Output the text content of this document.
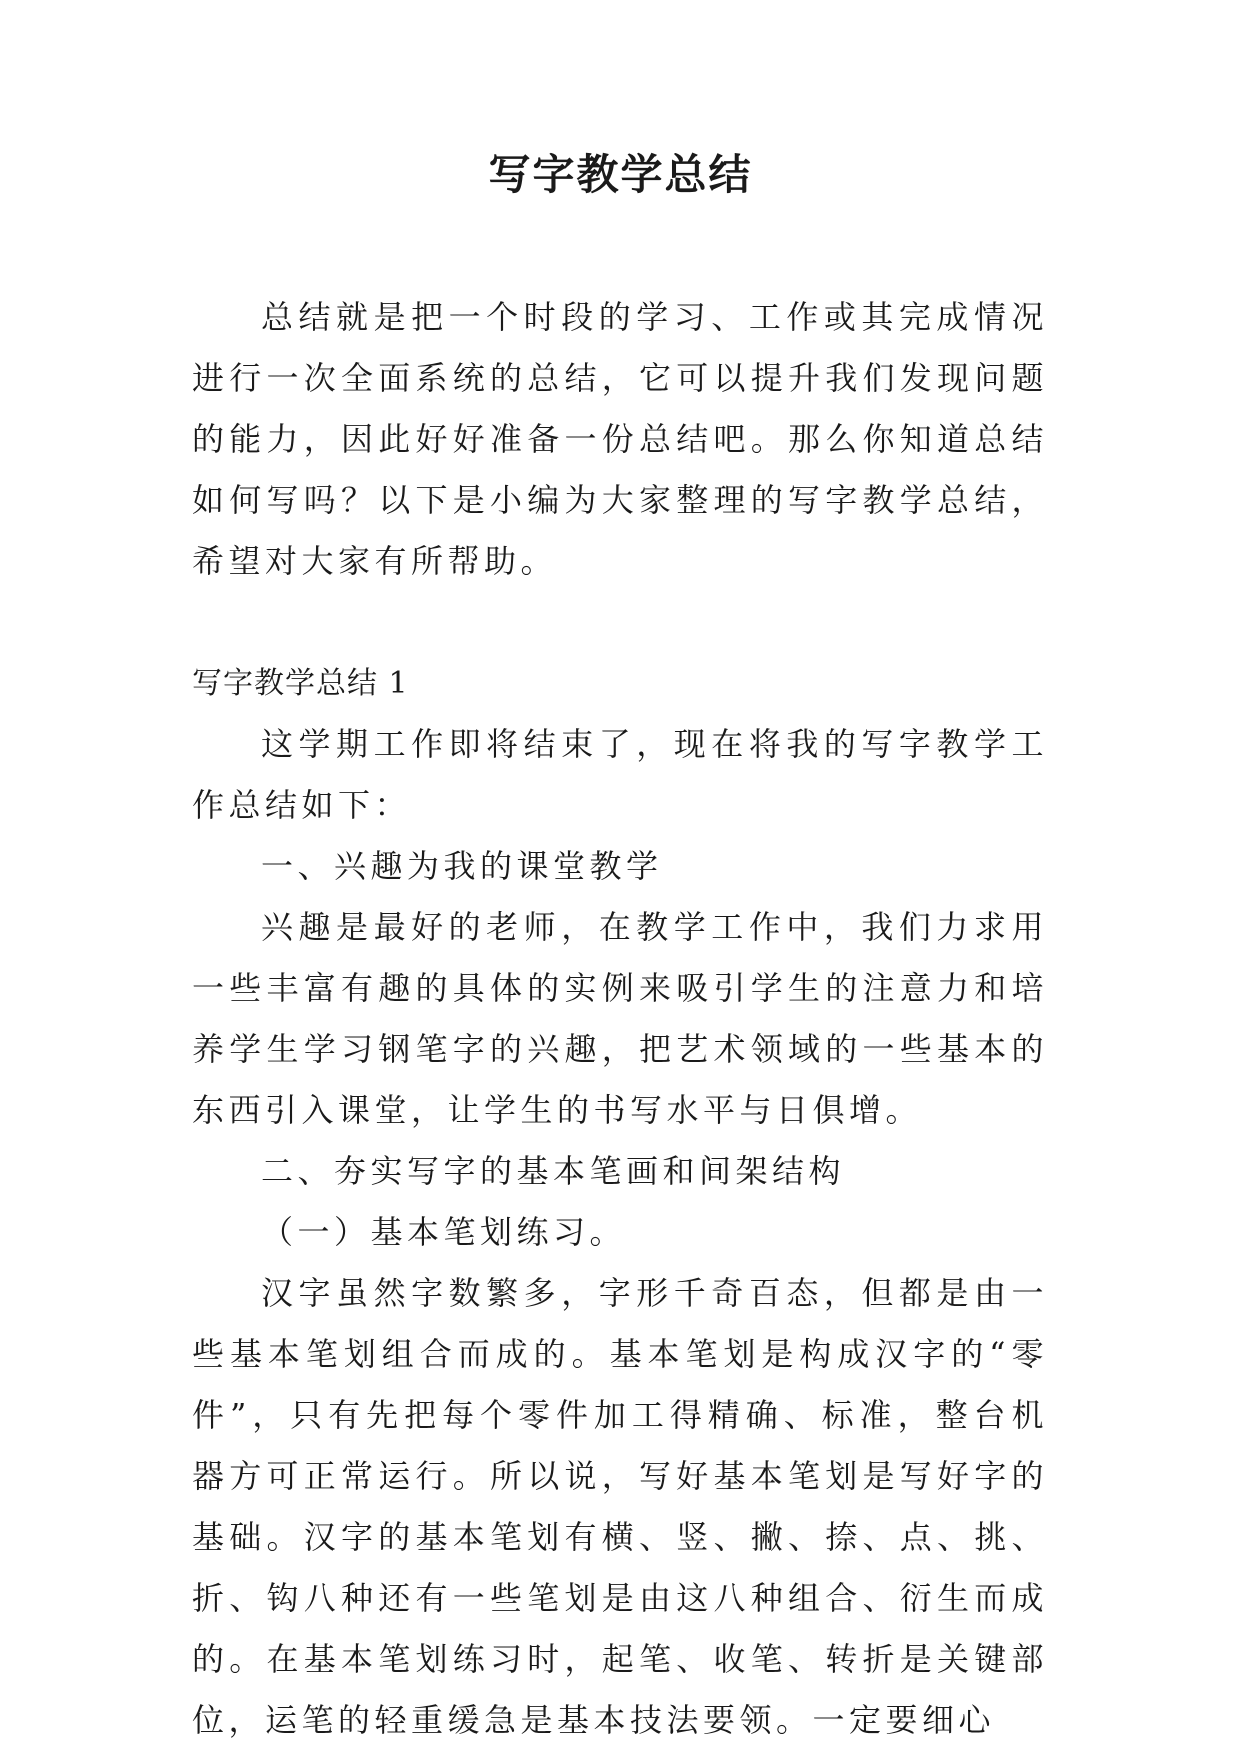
写字教学总结

总结就是把一个时段的学习、工作或其完成情况进行一次全面系统的总结，它可以提升我们发现问题的能力，因此好好准备一份总结吧。那么你知道总结如何写吗？以下是小编为大家整理的写字教学总结，希望对大家有所帮助。

写字教学总结 1

这学期工作即将结束了，现在将我的写字教学工作总结如下：

一、兴趣为我的课堂教学

兴趣是最好的老师，在教学工作中，我们力求用一些丰富有趣的具体的实例来吸引学生的注意力和培养学生学习钢笔字的兴趣，把艺术领域的一些基本的东西引入课堂，让学生的书写水平与日俱增。

二、夯实写字的基本笔画和间架结构

（一）基本笔划练习。

汉字虽然字数繁多，字形千奇百态，但都是由一些基本笔划组合而成的。基本笔划是构成汉字的“零件”，只有先把每个零件加工得精确、标准，整台机器方可正常运行。所以说，写好基本笔划是写好字的基础。汉字的基本笔划有横、竖、撇、捺、点、挑、折、钩八种还有一些笔划是由这八种组合、衍生而成的。在基本笔划练习时，起笔、收笔、转折是关键部位，运笔的轻重缓急是基本技法要领。一定要细心
